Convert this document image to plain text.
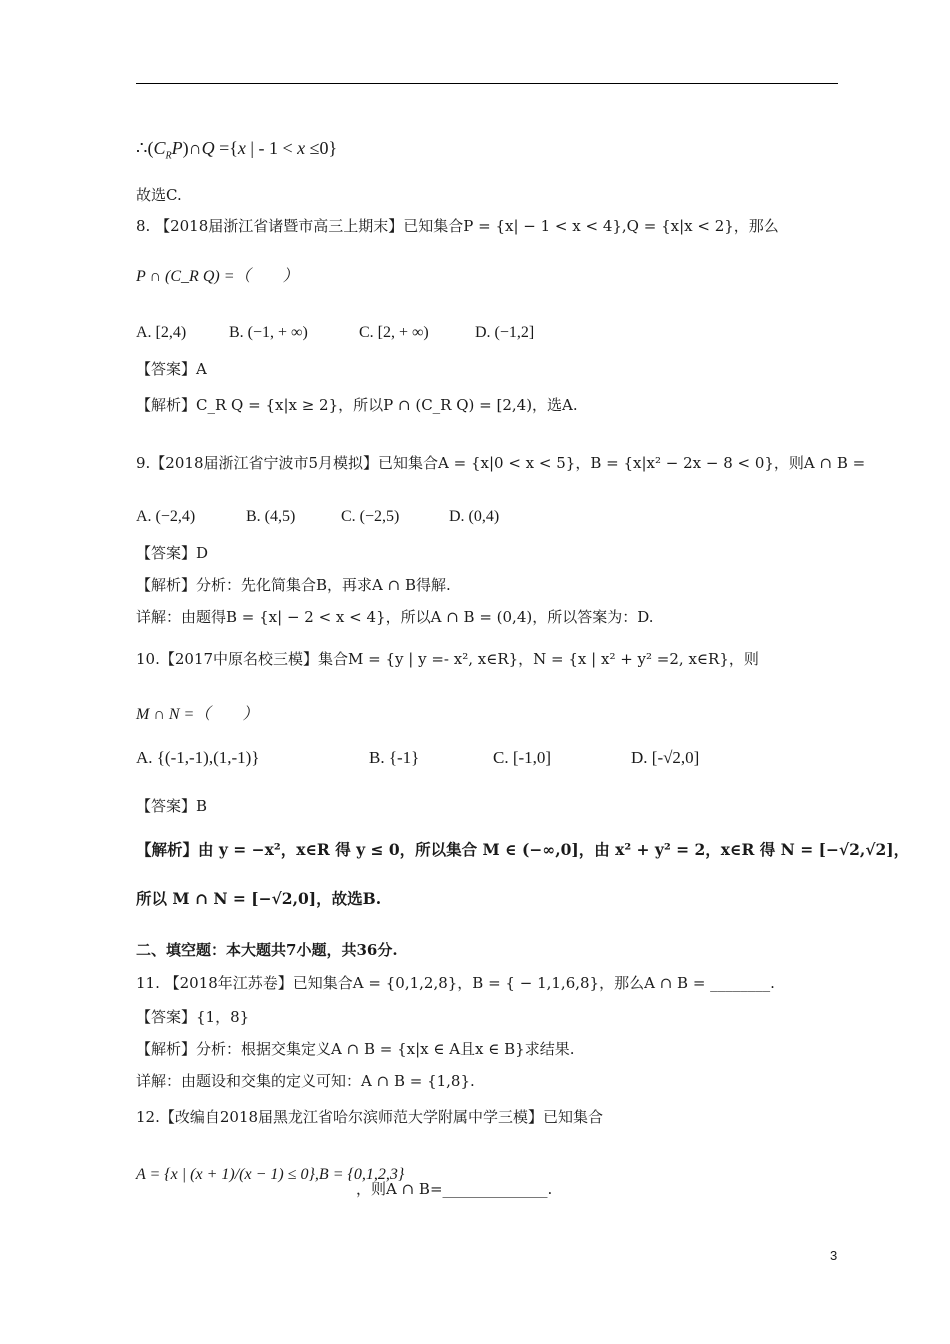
$\therefore(C_RP)\cap Q =\{x$ | - 1 < x ≤0}
故选C.
8. 【2018届浙江省诸暨市高三上期末】已知集合P = {x| − 1 < x < 4},Q = {x|x < 2}，那么
P ∩ (C_R Q) =（　　）
A. [2,4)	B. (−1, + ∞)	C. [2, + ∞)	D. (−1,2]
【答案】A
【解析】C_R Q = {x|x ≥ 2}，所以P ∩ (C_R Q) = [2,4)，选A.
9.【2018届浙江省宁波市5月模拟】已知集合A = {x|0 < x < 5}，B = {x|x² − 2x − 8 < 0}，则A ∩ B =
A. (−2,4)	B. (4,5)	C. (−2,5)	D. (0,4)
【答案】D
【解析】分析：先化简集合B，再求A ∩ B得解.
详解：由题得B = {x| − 2 < x < 4}，所以A ∩ B = (0,4)，所以答案为：D.
10.【2017中原名校三模】集合M = {y | y =- x², x∈R}，N = {x | x² + y² =2, x∈R}，则
M ∩ N =（　　）
A. {(-1,-1),(1,-1)}	B. {-1}	C. [-1,0]	D. [-√2,0]
【答案】B
【解析】由 y = −x²，x∈R 得 y ≤ 0，所以集合 M ∈ (−∞,0]，由 x² + y² = 2，x∈R 得 N = [−√2,√2]，
所以 M ∩ N = [−√2,0]，故选B.
二、填空题：本大题共7小题，共36分.
11. 【2018年江苏卷】已知集合A = {0,1,2,8}，B = { − 1,1,6,8}，那么A ∩ B = ________.
【答案】{1，8}
【解析】分析：根据交集定义A ∩ B = {x|x ∈ A且x ∈ B}求结果.
详解：由题设和交集的定义可知：A ∩ B = {1,8}.
12.【改编自2018届黑龙江省哈尔滨师范大学附属中学三模】已知集合
A = {x | (x + 1)/(x − 1) ≤ 0},B = {0,1,2,3}
，则A ∩ B=______________.
3
